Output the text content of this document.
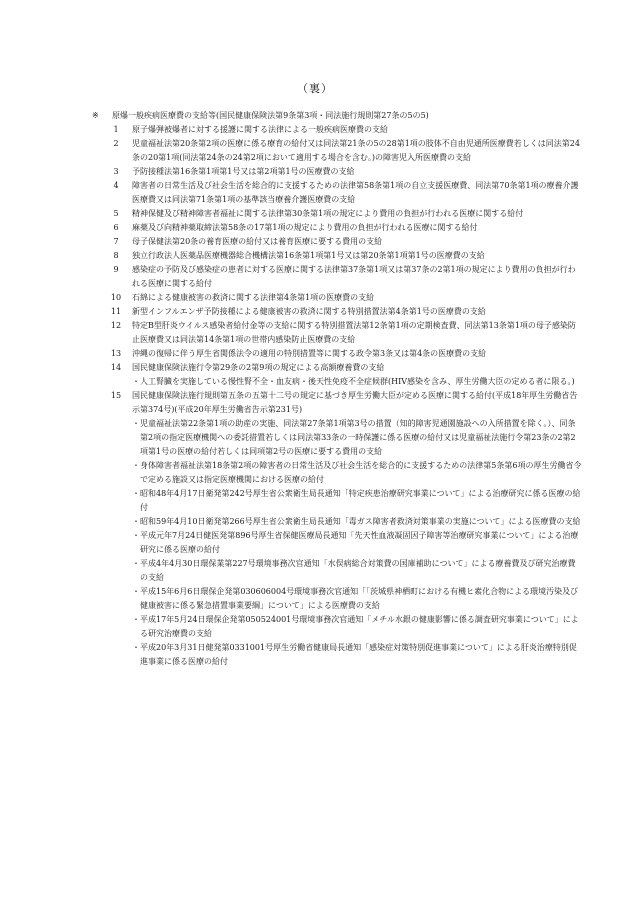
（裏）
※ 原爆一般疾病医療費の支給等(国民健康保険法第9条第3項・同法施行規則第27条の5の5)
1	原子爆弾被爆者に対する援護に関する法律による一般疾病医療費の支給
2	児童福祉法第20条第2項の医療に係る療育の給付又は同法第21条の5の28第1項の肢体不自由児通所医療費若しくは同法第24条の20第1項(同法第24条の24第2項において適用する場合を含む。)の障害児入所医療費の支給
3	予防接種法第16条第1項第1号又は第2項第1号の医療費の支給
4	障害者の日常生活及び社会生活を総合的に支援するための法律第58条第1項の自立支援医療費、同法第70条第1項の療養介護医療費又は同法第71条第1項の基準該当療養介護医療費の支給
5	精神保健及び精神障害者福祉に関する法律第30条第1項の規定により費用の負担が行われる医療に関する給付
6	麻薬及び向精神薬取締法第58条の17第1項の規定により費用の負担が行われる医療に関する給付
7	母子保健法第20条の養育医療の給付又は養育医療に要する費用の支給
8	独立行政法人医薬品医療機器総合機構法第16条第1項第1号又は第20条第1項第1号の医療費の支給
9	感染症の予防及び感染症の患者に対する医療に関する法律第37条第1項又は第37条の2第1項の規定により費用の負担が行われる医療に関する給付
10	石綿による健康被害の救済に関する法律第4条第1項の医療費の支給
11	新型インフルエンザ予防接種による健康被害の救済に関する特別措置法第4条第1号の医療費の支給
12	特定B型肝炎ウイルス感染者給付金等の支給に関する特別措置法第12条第1項の定期検査費、同法第13条第1項の母子感染防止医療費又は同法第14条第1項の世帯内感染防止医療費の支給
13	沖縄の復帰に伴う厚生省関係法令の適用の特別措置等に関する政令第3条又は第4条の医療費の支給
14	国民健康保険法施行令第29条の2第9項の規定による高額療養費の支給
・ 人工腎臓を実施している慢性腎不全・血友病・後天性免疫不全症候群(HIV感染を含み、厚生労働大臣の定める者に限る。)
15	国民健康保険法施行規則第五条の五第十二号の規定に基づき厚生労働大臣が定める医療に関する給付(平成18年厚生労働省告示第374号)(平成20年厚生労働省告示第231号)
・ 児童福祉法第22条第1項の助産の実施、同法第27条第1項第3号の措置（知的障害児通園施設への入所措置を除く。）、同条第2項の指定医療機関への委託措置若しくは同法第33条の一時保護に係る医療の給付又は児童福祉法施行令第23条の2第2項第1号の医療の給付若しくは同項第2号の医療に要する費用の支給
・ 身体障害者福祉法第18条第2項の障害者の日常生活及び社会生活を総合的に支援するための法律第5条第6項の厚生労働省令で定める施設又は指定医療機関における医療の給付
・ 昭和48年4月17日衛発第242号厚生省公衆衛生局長通知「特定疾患治療研究事業について」による治療研究に係る医療の給付
・ 昭和59年4月10日衛発第266号厚生省公衆衛生局長通知「毒ガス障害者救済対策事業の実施について」による医療費の支給
・ 平成元年7月24日健医発第896号厚生省保健医療局長通知「先天性血液凝固因子障害等治療研究事業について」による治療研究に係る医療の給付
・ 平成4年4月30日環保業第227号環境事務次官通知「水俣病総合対策費の国庫補助について」による療養費及び研究治療費の支給
・ 平成15年6月6日環保企発第030606004号環境事務次官通知「「茨城県神栖町における有機ヒ素化合物による環境汚染及び健康被害に係る緊急措置事業要綱」について」による医療費の支給
・ 平成17年5月24日環保企発第050524001号環境事務次官通知「メチル水銀の健康影響に係る調査研究事業について」による研究治療費の支給
・ 平成20年3月31日健発第0331001号厚生労働省健康局長通知「感染症対策特別促進事業について」による肝炎治療特別促進事業に係る医療の給付
